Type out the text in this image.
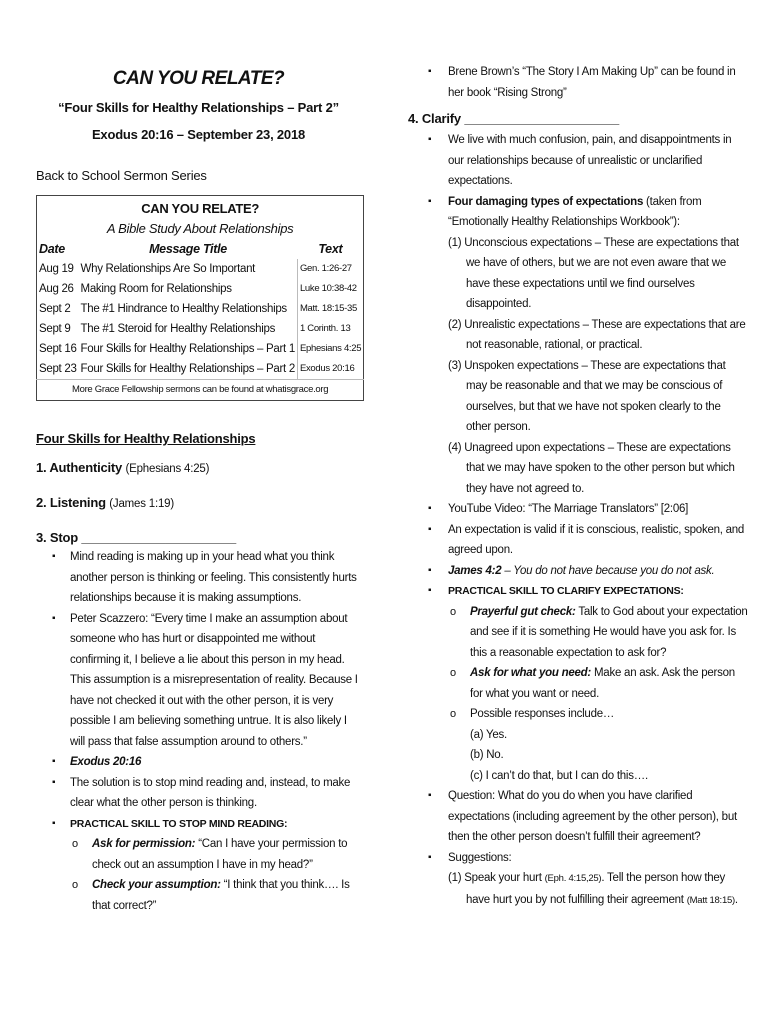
CAN YOU RELATE?
“Four Skills for Healthy Relationships – Part 2”
Exodus 20:16 – September 23, 2018
Back to School Sermon Series
CAN YOU RELATE?		
A Bible Study About Relationships		
Date	Message Title	Text
Aug 19	Why Relationships Are So Important	Gen. 1:26-27
Aug 26	Making Room for Relationships	Luke 10:38-42
Sept 2	The #1 Hindrance to Healthy Relationships	Matt. 18:15-35
Sept 9	The #1 Steroid for Healthy Relationships	1 Corinth. 13
Sept 16	Four Skills for Healthy Relationships – Part 1	Ephesians 4:25
Sept 23	Four Skills for Healthy Relationships – Part 2	Exodus 20:16
More Grace Fellowship sermons can be found at whatisgrace.org		
Four Skills for Healthy Relationships
1. Authenticity (Ephesians 4:25)
2. Listening (James 1:19)
3. Stop ______________________
▪ Mind reading is making up in your head what you think another person is thinking or feeling. This consistently hurts relationships because it is making assumptions.
▪ Peter Scazzero: “Every time I make an assumption about someone who has hurt or disappointed me without confirming it, I believe a lie about this person in my head. This assumption is a misrepresentation of reality. Because I have not checked it out with the other person, it is very possible I am believing something untrue. It is also likely I will pass that false assumption around to others.”
▪ Exodus 20:16
▪ The solution is to stop mind reading and, instead, to make clear what the other person is thinking.
▪ PRACTICAL SKILL TO STOP MIND READING:
o Ask for permission: “Can I have your permission to check out an assumption I have in my head?”
o Check your assumption: “I think that you think…. Is that correct?”
▪ Brene Brown’s “The Story I Am Making Up” can be found in her book “Rising Strong”
4. Clarify ______________________
▪ We live with much confusion, pain, and disappointments in our relationships because of unrealistic or unclarified expectations.
▪ Four damaging types of expectations (taken from “Emotionally Healthy Relationships Workbook”):
(1) Unconscious expectations – These are expectations that we have of others, but we are not even aware that we have these expectations until we find ourselves disappointed.
(2) Unrealistic expectations – These are expectations that are not reasonable, rational, or practical.
(3) Unspoken expectations – These are expectations that may be reasonable and that we may be conscious of ourselves, but that we have not spoken clearly to the other person.
(4) Unagreed upon expectations – These are expectations that we may have spoken to the other person but which they have not agreed to.
▪ YouTube Video: “The Marriage Translators” [2:06]
▪ An expectation is valid if it is conscious, realistic, spoken, and agreed upon.
▪ James 4:2 – You do not have because you do not ask.
▪ PRACTICAL SKILL TO CLARIFY EXPECTATIONS:
o Prayerful gut check: Talk to God about your expectation and see if it is something He would have you ask for. Is this a reasonable expectation to ask for?
o Ask for what you need: Make an ask. Ask the person for what you want or need.
o Possible responses include…
(a) Yes.
(b) No.
(c) I can’t do that, but I can do this….
▪ Question: What do you do when you have clarified expectations (including agreement by the other person), but then the other person doesn’t fulfill their agreement?
▪ Suggestions:
(1) Speak your hurt (Eph. 4:15,25). Tell the person how they have hurt you by not fulfilling their agreement (Matt 18:15).
